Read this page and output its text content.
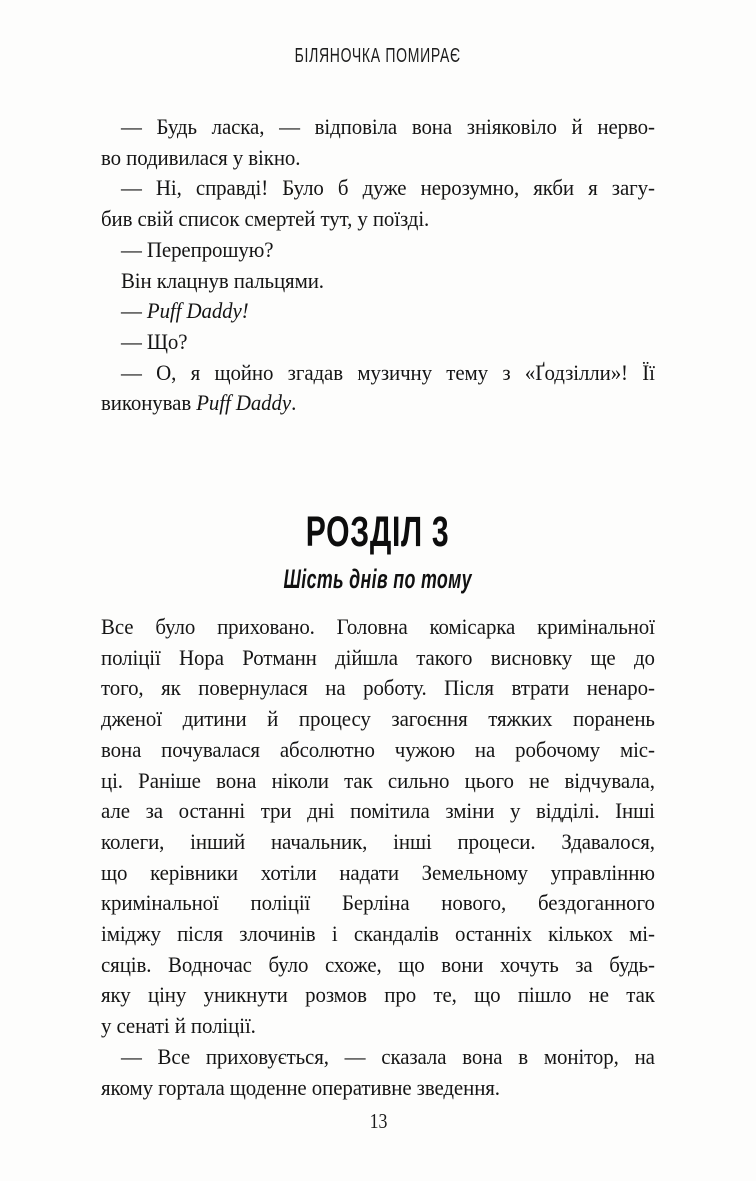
БІЛЯНОЧКА ПОМИРАЄ
— Будь ласка, — відповіла вона зніяковіло й нерво-
во подивилася у вікно.
— Ні, справді! Було б дуже нерозумно, якби я загу-
бив свій список смертей тут, у поїзді.
— Перепрошую?
Він клацнув пальцями.
— Puff Daddy!
— Що?
— О, я щойно згадав музичну тему з «Ґодзілли»! Її
виконував Puff Daddy.
РОЗДІЛ 3
Шість днів по тому
Все було приховано. Головна комісарка кримінальної
поліції Нора Ротманн дійшла такого висновку ще до
того, як повернулася на роботу. Після втрати ненаро-
дженої дитини й процесу загоєння тяжких поранень
вона почувалася абсолютно чужою на робочому міс-
ці. Раніше вона ніколи так сильно цього не відчувала,
але за останні три дні помітила зміни у відділі. Інші
колеги, інший начальник, інші процеси. Здавалося,
що керівники хотіли надати Земельному управлінню
кримінальної поліції Берліна нового, бездоганного
іміджу після злочинів і скандалів останніх кількох мі-
сяців. Водночас було схоже, що вони хочуть за будь-
яку ціну уникнути розмов про те, що пішло не так
у сенаті й поліції.
— Все приховується, — сказала вона в монітор, на
якому гортала щоденне оперативне зведення.
13
